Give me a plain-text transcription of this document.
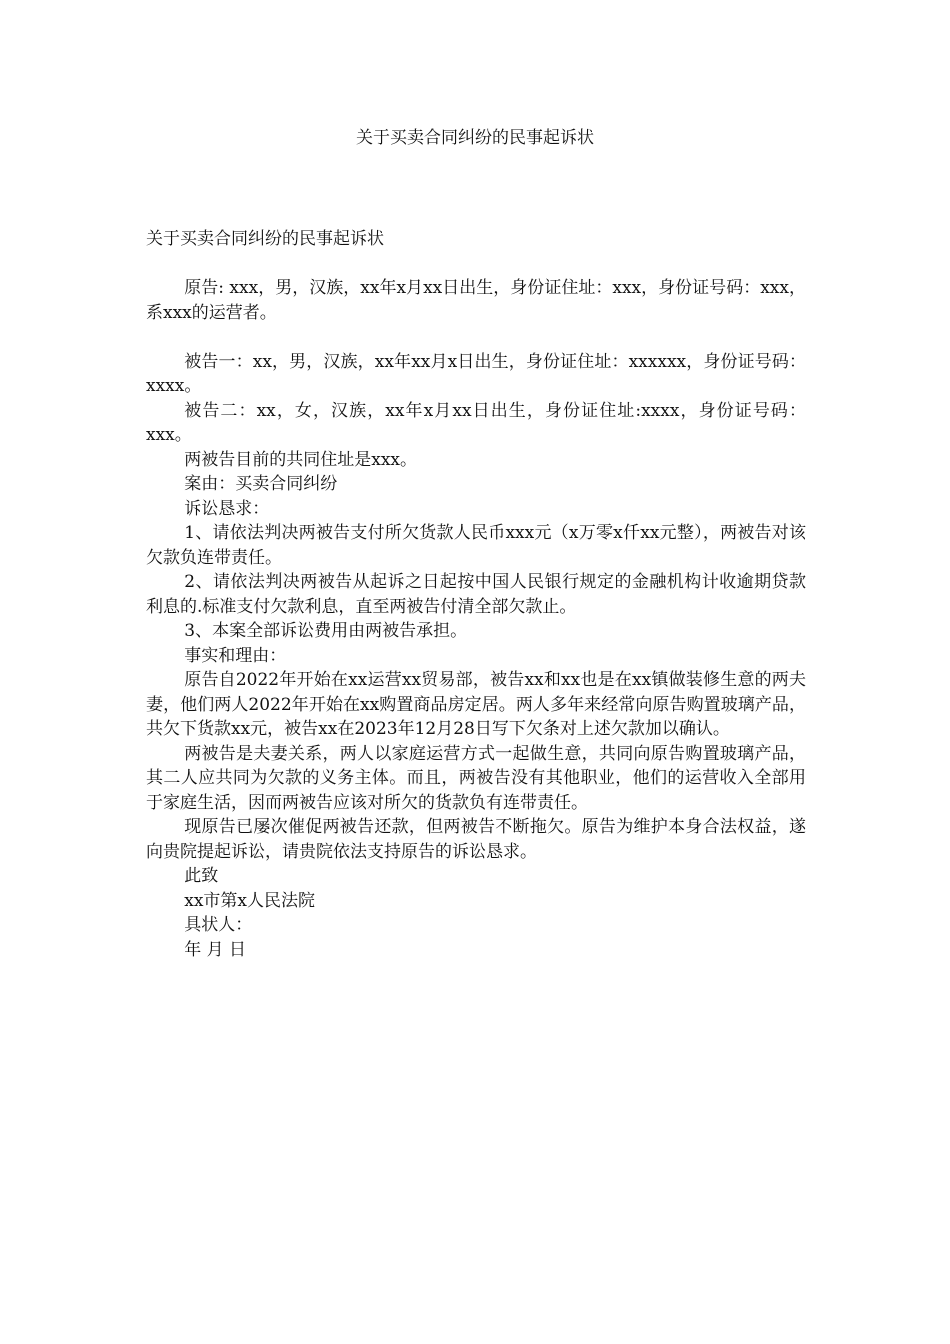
关于买卖合同纠纷的民事起诉状

关于买卖合同纠纷的民事起诉状

原告: xxx，男，汉族，xx年x月xx日出生，身份证住址：xxx，身份证号码：xxx，系xxx的运营者。

被告一：xx，男，汉族，xx年xx月x日出生，身份证住址：xxxxxx，身份证号码：xxxx。

被告二：xx，女，汉族，xx年x月xx日出生，身份证住址:xxxx，身份证号码：xxx。

两被告目前的共同住址是xxx。

案由：买卖合同纠纷

诉讼恳求：

1、请依法判决两被告支付所欠货款人民币xxx元（x万零x仟xx元整），两被告对该欠款负连带责任。

2、请依法判决两被告从起诉之日起按中国人民银行规定的金融机构计收逾期贷款利息的.标准支付欠款利息，直至两被告付清全部欠款止。

3、本案全部诉讼费用由两被告承担。

事实和理由：

原告自2022年开始在xx运营xx贸易部，被告xx和xx也是在xx镇做装修生意的两夫妻，他们两人2022年开始在xx购置商品房定居。两人多年来经常向原告购置玻璃产品，共欠下货款xx元，被告xx在2023年12月28日写下欠条对上述欠款加以确认。

两被告是夫妻关系，两人以家庭运营方式一起做生意，共同向原告购置玻璃产品，其二人应共同为欠款的义务主体。而且，两被告没有其他职业，他们的运营收入全部用于家庭生活，因而两被告应该对所欠的货款负有连带责任。

现原告已屡次催促两被告还款，但两被告不断拖欠。原告为维护本身合法权益，遂向贵院提起诉讼，请贵院依法支持原告的诉讼恳求。

此致

xx市第x人民法院

具状人：

年 月 日
